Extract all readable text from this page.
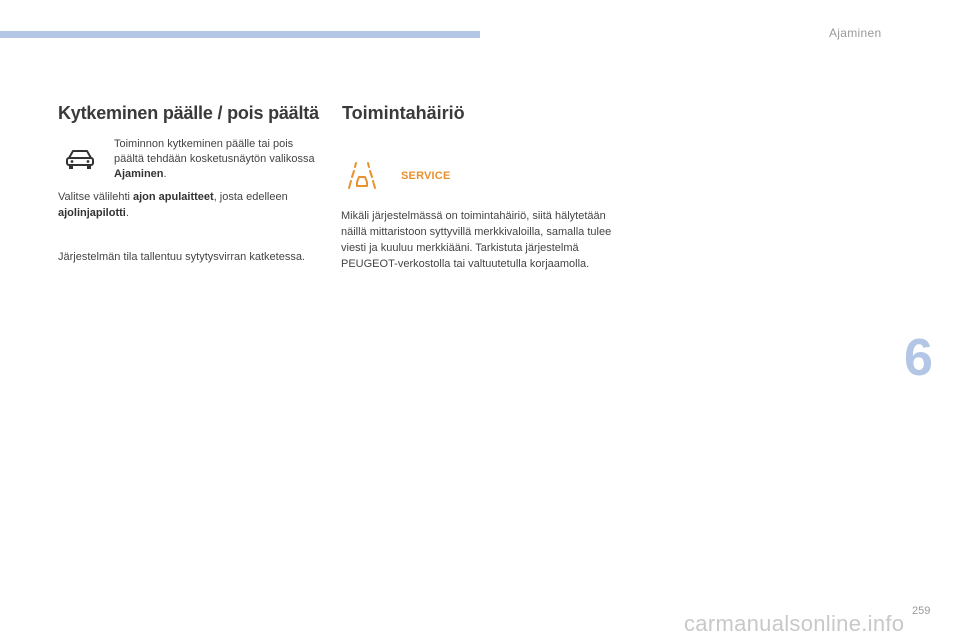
Ajaminen
Kytkeminen päälle / pois päältä
Toiminnon kytkeminen päälle tai pois päältä tehdään kosketusnäytön valikossa Ajaminen.
Valitse välilehti ajon apulaitteet, josta edelleen ajolinjapilotti.
Järjestelmän tila tallentuu sytytysvirran katketessa.
Toimintahäiriö
SERVICE
Mikäli järjestelmässä on toimintahäiriö, siitä hälytetään näillä mittaristoon syttyvillä merkkivaloilla, samalla tulee viesti ja kuuluu merkkiääni. Tarkistuta järjestelmä PEUGEOT-verkostolla tai valtuutetulla korjaamolla.
6
259
carmanualsonline.info
